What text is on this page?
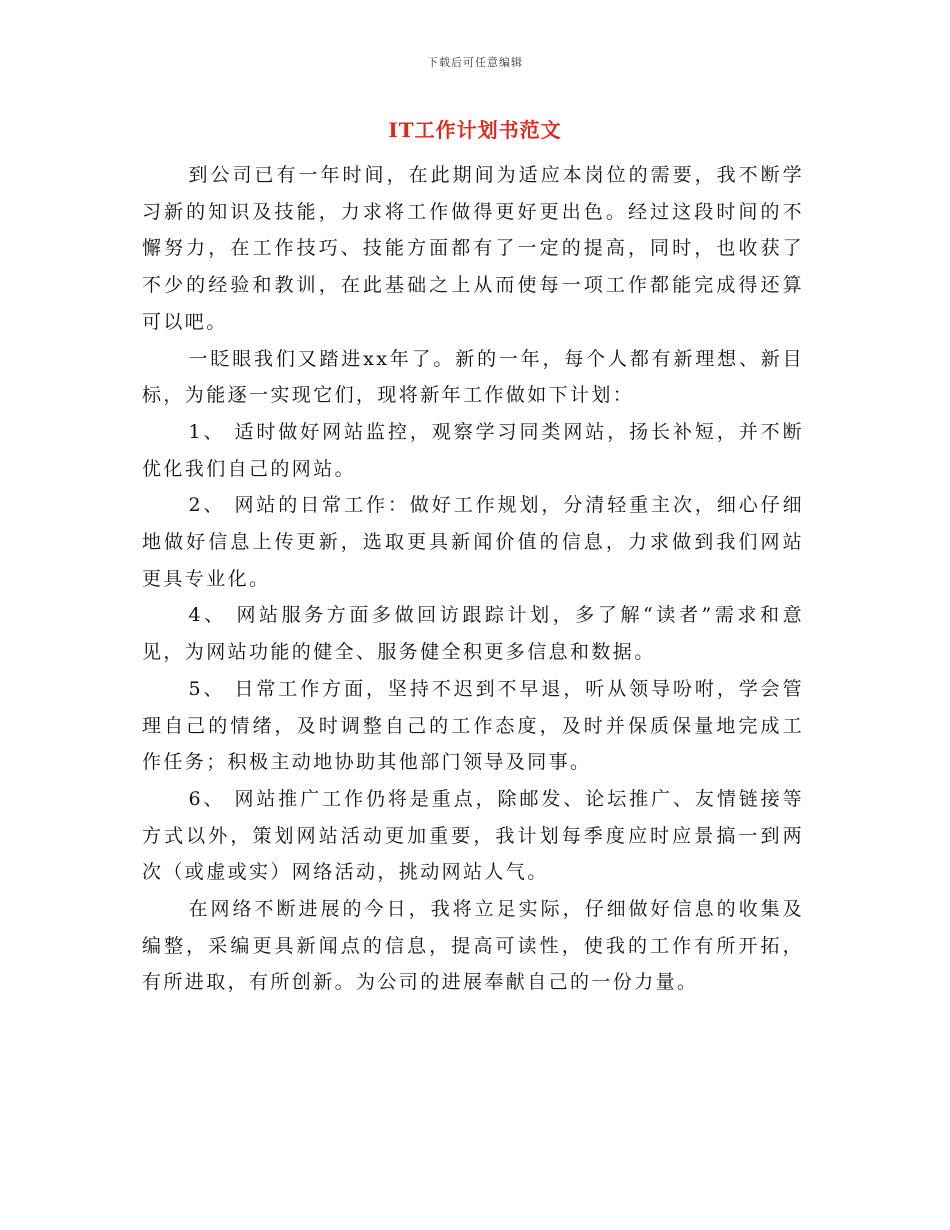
下载后可任意编辑
IT工作计划书范文

到公司已有一年时间，在此期间为适应本岗位的需要，我不断学习新的知识及技能，力求将工作做得更好更出色。经过这段时间的不懈努力，在工作技巧、技能方面都有了一定的提高，同时，也收获了不少的经验和教训，在此基础之上从而使每一项工作都能完成得还算可以吧。

一眨眼我们又踏进xx年了。新的一年，每个人都有新理想、新目标，为能逐一实现它们，现将新年工作做如下计划：

1、 适时做好网站监控，观察学习同类网站，扬长补短，并不断优化我们自己的网站。

2、 网站的日常工作：做好工作规划，分清轻重主次，细心仔细地做好信息上传更新，选取更具新闻价值的信息，力求做到我们网站更具专业化。

4、 网站服务方面多做回访跟踪计划，多了解“读者”需求和意见，为网站功能的健全、服务健全积更多信息和数据。

5、 日常工作方面，坚持不迟到不早退，听从领导吩咐，学会管理自己的情绪，及时调整自己的工作态度，及时并保质保量地完成工作任务；积极主动地协助其他部门领导及同事。

6、 网站推广工作仍将是重点，除邮发、论坛推广、友情链接等方式以外，策划网站活动更加重要，我计划每季度应时应景搞一到两次（或虚或实）网络活动，挑动网站人气。

在网络不断进展的今日，我将立足实际，仔细做好信息的收集及编整，采编更具新闻点的信息，提高可读性，使我的工作有所开拓，有所进取，有所创新。为公司的进展奉献自己的一份力量。
